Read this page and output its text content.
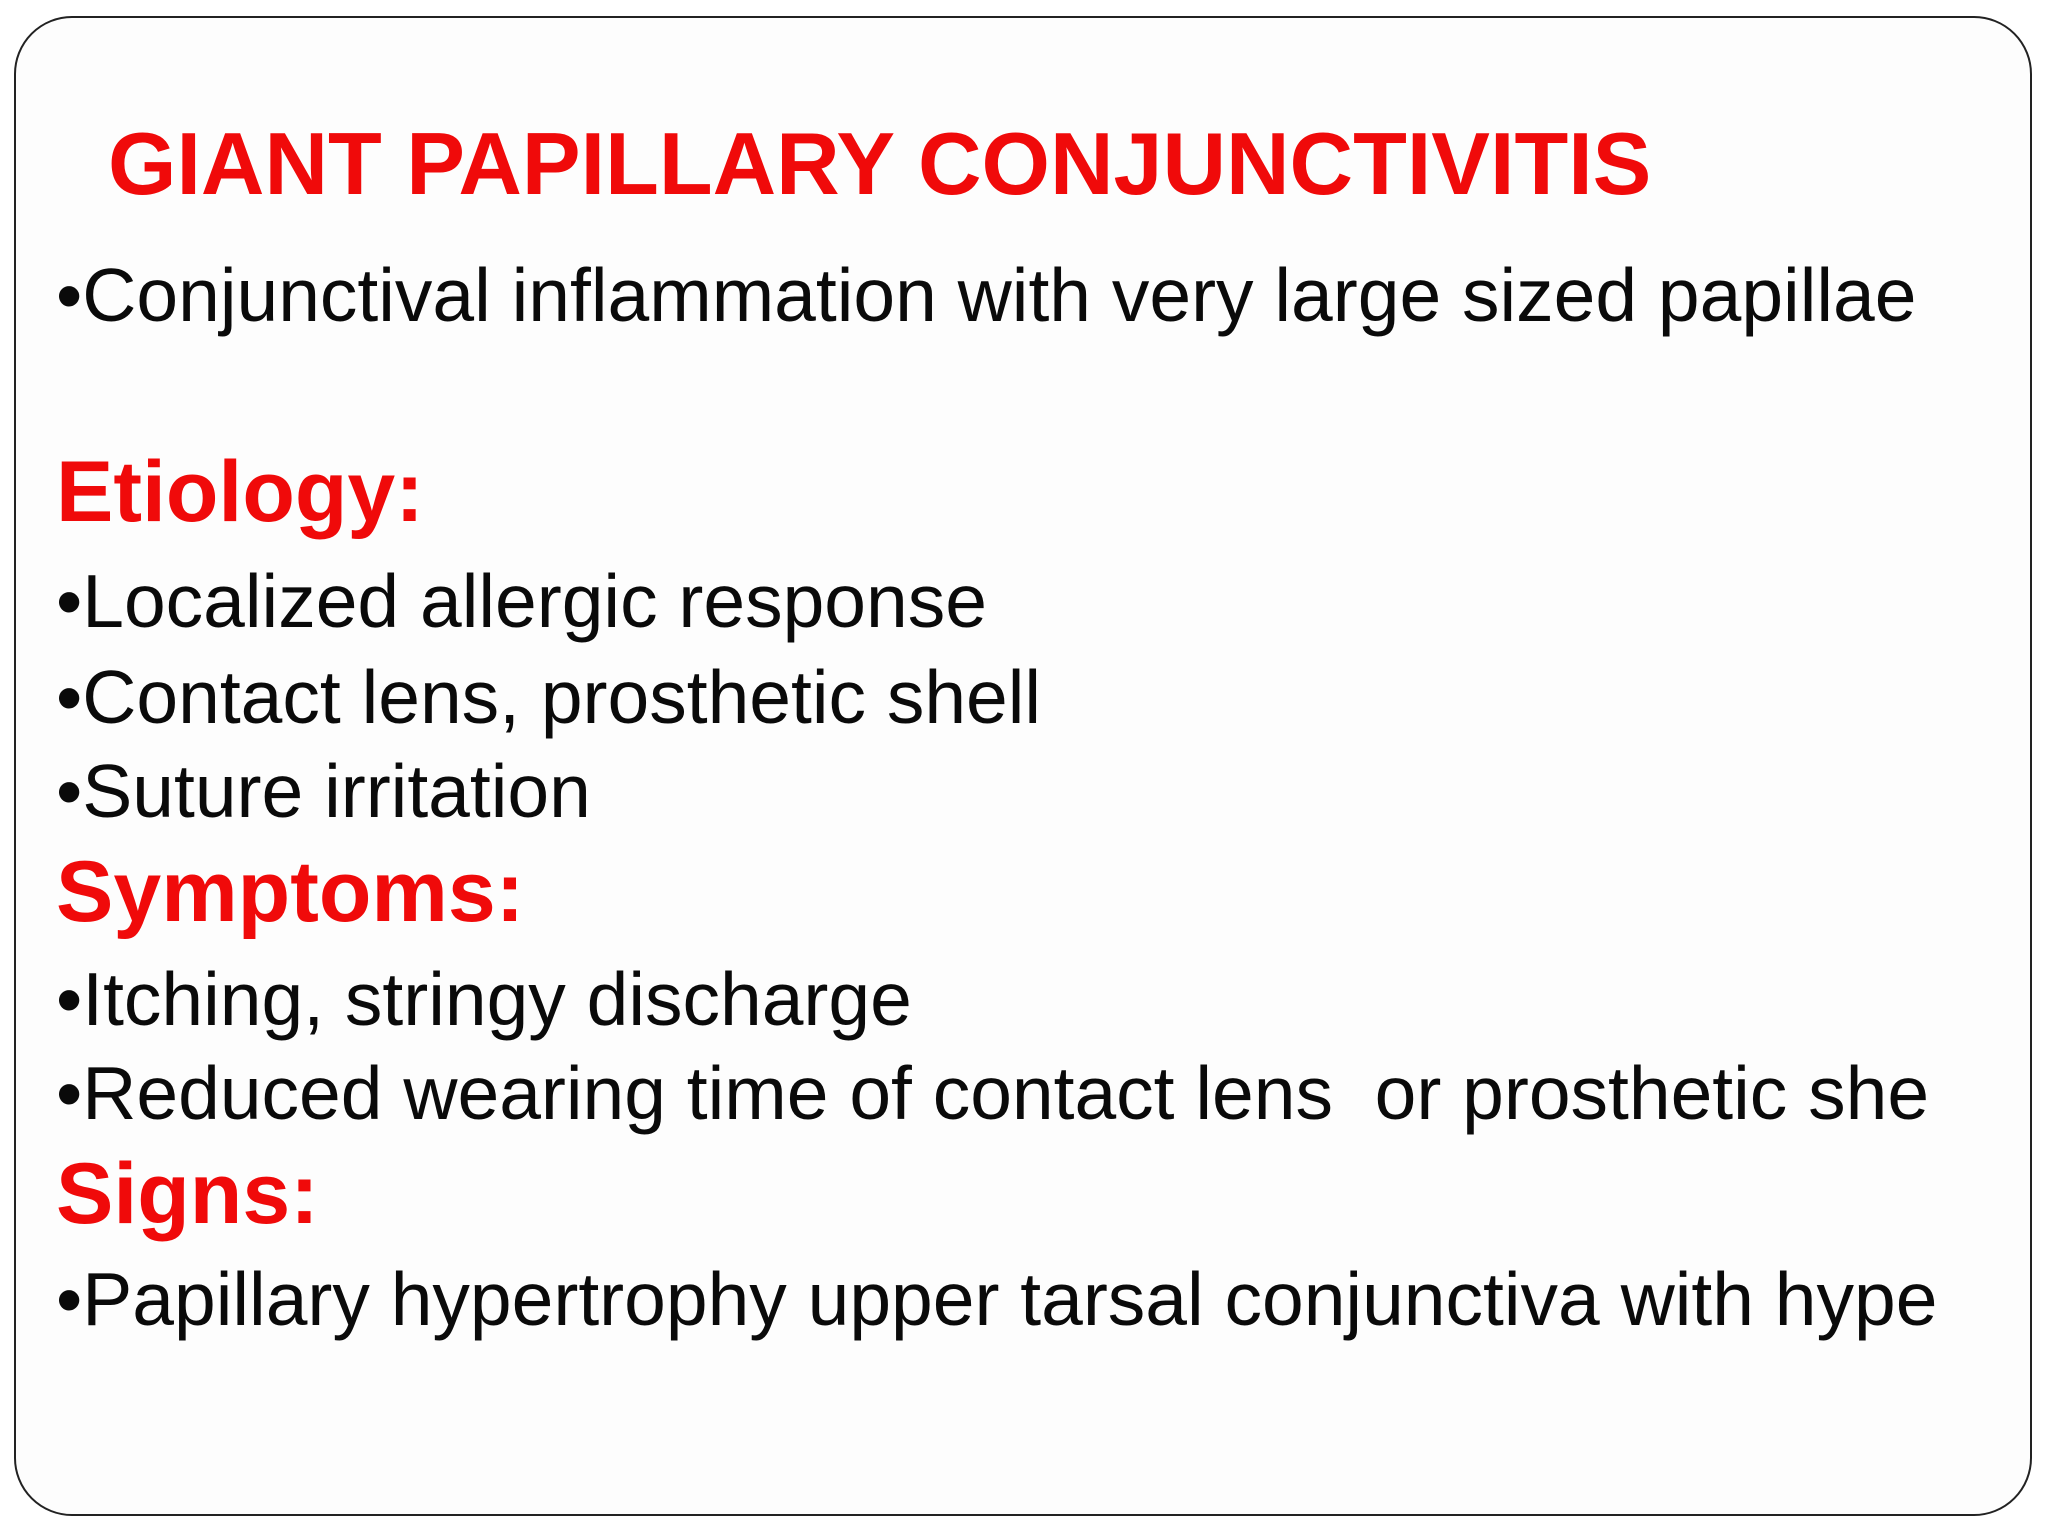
GIANT PAPILLARY CONJUNCTIVITIS

•Conjunctival inflammation with very large sized papillae

Etiology:

•Localized allergic response

•Contact lens, prosthetic shell

•Suture irritation

Symptoms:

•Itching, stringy discharge

•Reduced wearing time of contact lens  or prosthetic she

Signs:

•Papillary hypertrophy upper tarsal conjunctiva with hype
